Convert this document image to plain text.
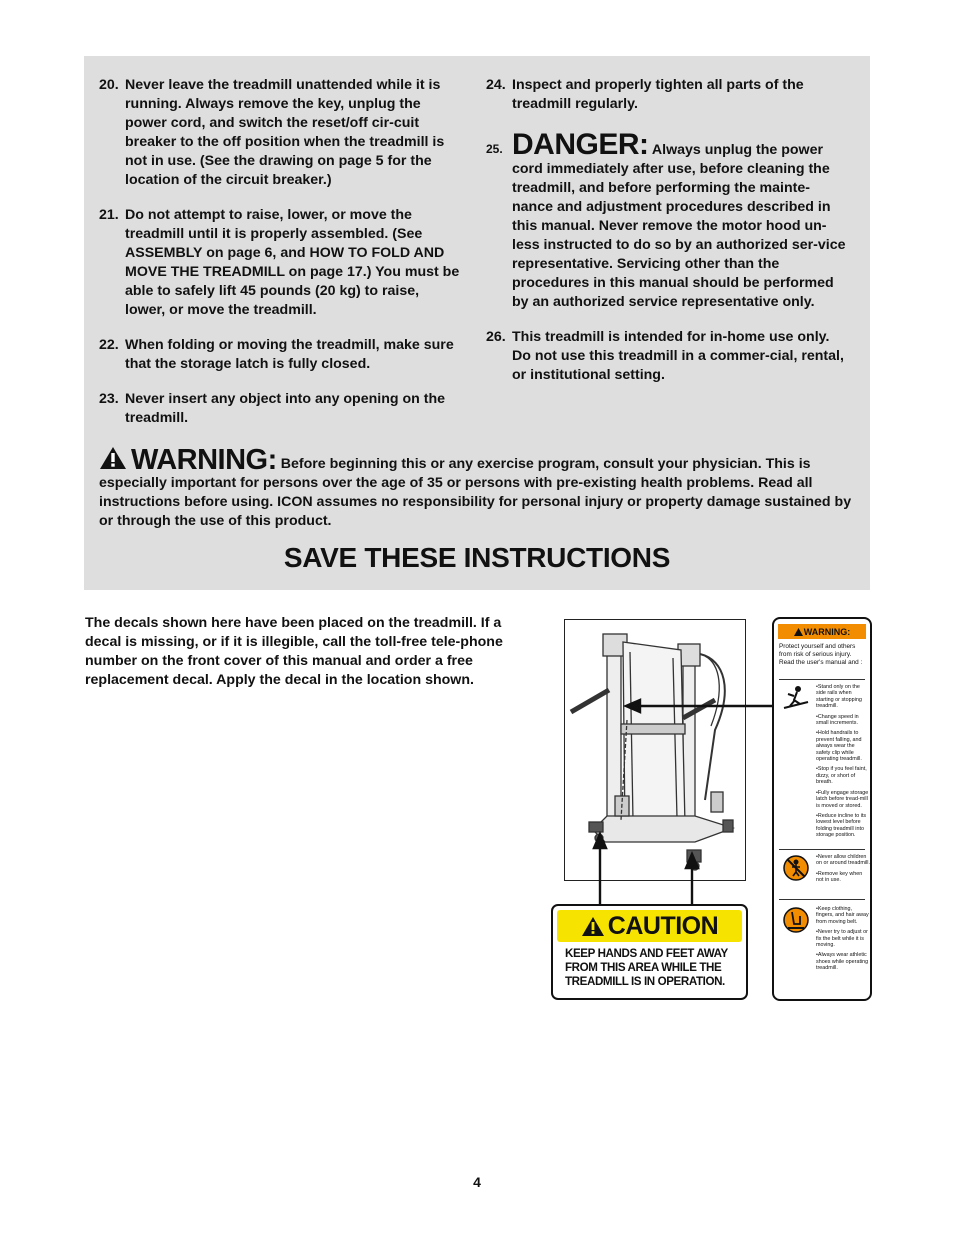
20. Never leave the treadmill unattended while it is running. Always remove the key, unplug the power cord, and switch the reset/off cir-cuit breaker to the off position when the treadmill is not in use. (See the drawing on page 5 for the location of the circuit breaker.)
21. Do not attempt to raise, lower, or move the treadmill until it is properly assembled. (See ASSEMBLY on page 6, and HOW TO FOLD AND MOVE THE TREADMILL on page 17.) You must be able to safely lift 45 pounds (20 kg) to raise, lower, or move the treadmill.
22. When folding or moving the treadmill, make sure that the storage latch is fully closed.
23. Never insert any object into any opening on the treadmill.
24. Inspect and properly tighten all parts of the treadmill regularly.
25. DANGER: Always unplug the power cord immediately after use, before cleaning the treadmill, and before performing the mainte-nance and adjustment procedures described in this manual. Never remove the motor hood un-less instructed to do so by an authorized ser-vice representative. Servicing other than the procedures in this manual should be performed by an authorized service representative only.
26. This treadmill is intended for in-home use only. Do not use this treadmill in a commer-cial, rental, or institutional setting.
WARNING: Before beginning this or any exercise program, consult your physician. This is especially important for persons over the age of 35 or persons with pre-existing health problems. Read all instructions before using. ICON assumes no responsibility for personal injury or property damage sustained by or through the use of this product.
SAVE THESE INSTRUCTIONS
The decals shown here have been placed on the treadmill. If a decal is missing, or if it is illegible, call the toll-free tele-phone number on the front cover of this manual and order a free replacement decal. Apply the decal in the location shown.
CAUTION
KEEP HANDS AND FEET AWAY
FROM THIS AREA WHILE THE
TREADMILL IS IN OPERATION.
WARNING:
Protect yourself and others from risk of serious injury. Read the user's manual and :
•Stand only on the side rails when starting or stopping treadmill.
•Change speed in small increments.
•Hold handrails to prevent falling, and always wear the safety clip while operating treadmill.
•Stop if you feel faint, dizzy, or short of breath.
•Fully engage storage latch before tread-mill is moved or stored.
•Reduce incline to its lowest level before folding treadmill into storage position.
•Never allow children on or around treadmill.
•Remove key when not in use.
•Keep clothing, fingers, and hair away from moving belt.
•Never try to adjust or fix the belt while it is moving.
•Always wear athletic shoes while operating treadmill.
4
